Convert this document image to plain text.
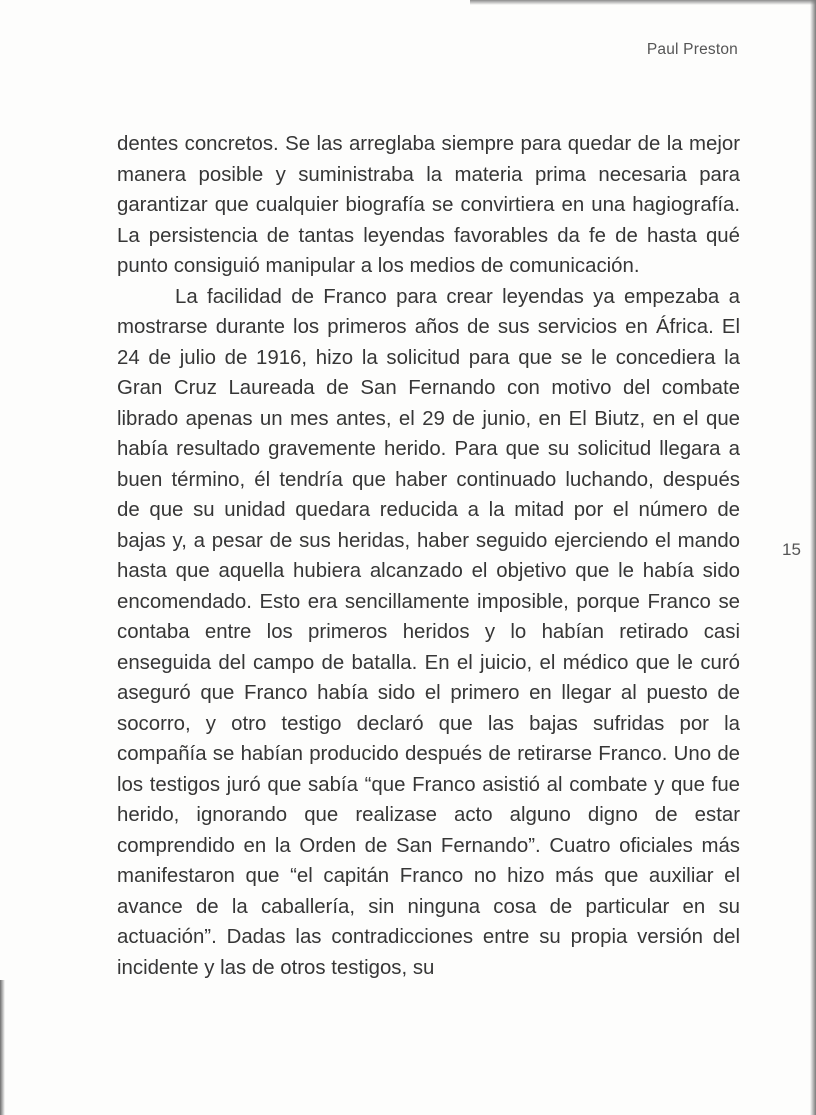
Paul Preston

dentes concretos. Se las arreglaba siempre para quedar de la mejor manera posible y suministraba la materia prima necesaria para garantizar que cualquier biografía se convirtiera en una hagiografía. La persistencia de tantas leyendas favorables da fe de hasta qué punto consiguió manipular a los medios de comunicación.

La facilidad de Franco para crear leyendas ya empezaba a mostrarse durante los primeros años de sus servicios en África. El 24 de julio de 1916, hizo la solicitud para que se le concediera la Gran Cruz Laureada de San Fernando con motivo del combate librado apenas un mes antes, el 29 de junio, en El Biutz, en el que había resultado gravemente herido. Para que su solicitud llegara a buen término, él tendría que haber continuado luchando, después de que su unidad quedara reducida a la mitad por el número de bajas y, a pesar de sus heridas, haber seguido ejerciendo el mando hasta que aquella hubiera alcanzado el objetivo que le había sido encomendado. Esto era sencillamente imposible, porque Franco se contaba entre los primeros heridos y lo habían retirado casi enseguida del campo de batalla. En el juicio, el médico que le curó aseguró que Franco había sido el primero en llegar al puesto de socorro, y otro testigo declaró que las bajas sufridas por la compañía se habían producido después de retirarse Franco. Uno de los testigos juró que sabía “que Franco asistió al combate y que fue herido, ignorando que realizase acto alguno digno de estar comprendido en la Orden de San Fernando”. Cuatro oficiales más manifestaron que “el capitán Franco no hizo más que auxiliar el avance de la caballería, sin ninguna cosa de particular en su actuación”. Dadas las contradicciones entre su propia versión del incidente y las de otros testigos, su

15
